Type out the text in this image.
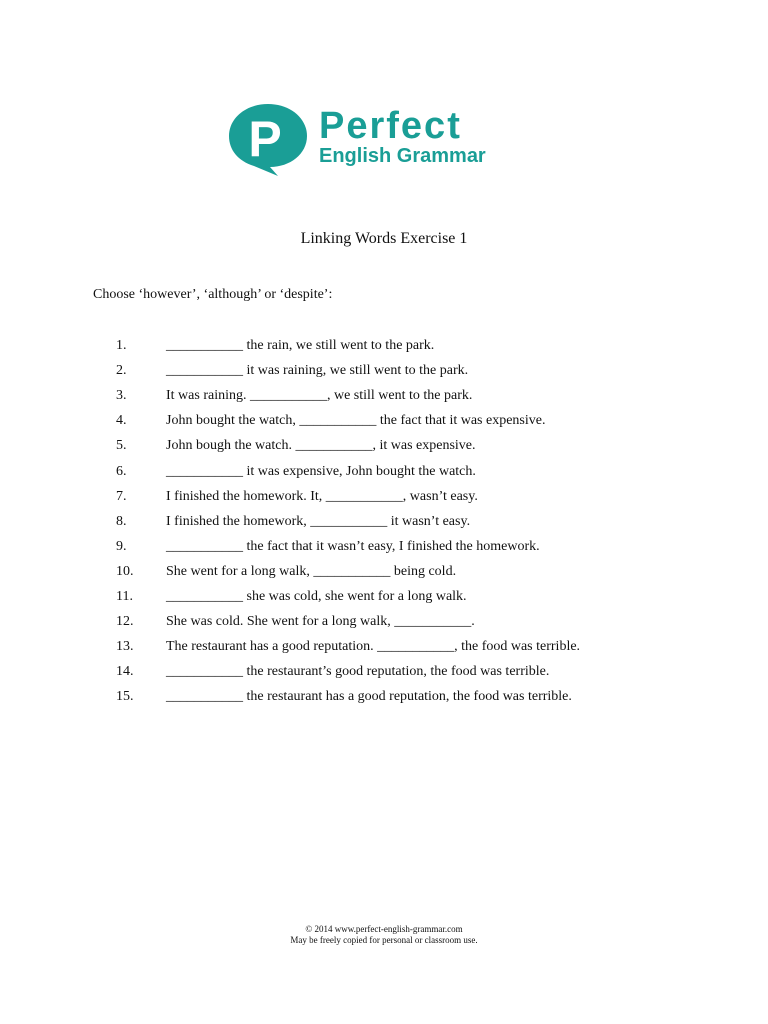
P Perfect
English Grammar
Linking Words Exercise 1
Choose ‘however’, ‘although’ or ‘despite’:
1.	___________ the rain, we still went to the park.
2.	___________ it was raining, we still went to the park.
3.	It was raining. ___________, we still went to the park.
4.	John bought the watch, ___________ the fact that it was expensive.
5.	John bough the watch. ___________, it was expensive.
6.	___________ it was expensive, John bought the watch.
7.	I finished the homework. It, ___________, wasn’t easy.
8.	I finished the homework, ___________ it wasn’t easy.
9.	___________ the fact that it wasn’t easy, I finished the homework.
10. She went for a long walk, ___________ being cold.
11. ___________ she was cold, she went for a long walk.
12. She was cold. She went for a long walk, ___________.
13. The restaurant has a good reputation. ___________, the food was terrible.
14. ___________ the restaurant’s good reputation, the food was terrible.
15. ___________ the restaurant has a good reputation, the food was terrible.
© 2014 www.perfect-english-grammar.com
May be freely copied for personal or classroom use.
